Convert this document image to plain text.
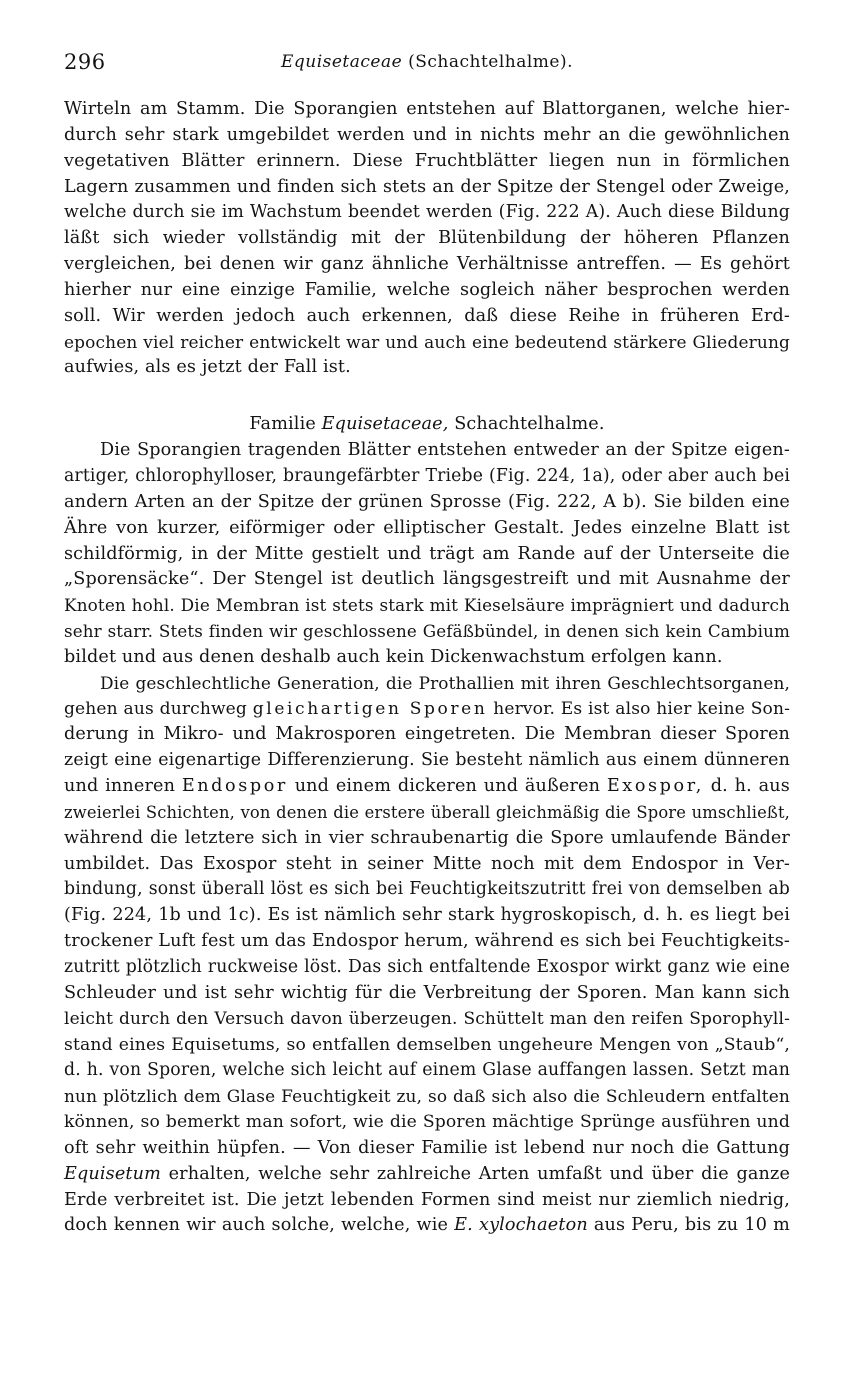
296	Equisetaceae (Schachtelhalme).

Wirteln am Stamm. Die Sporangien entstehen auf Blattorganen, welche hier-
durch sehr stark umgebildet werden und in nichts mehr an die gewöhnlichen
vegetativen Blätter erinnern. Diese Fruchtblätter liegen nun in förmlichen
Lagern zusammen und finden sich stets an der Spitze der Stengel oder Zweige,
welche durch sie im Wachstum beendet werden (Fig. 222 A). Auch diese Bildung
läßt sich wieder vollständig mit der Blütenbildung der höheren Pflanzen
vergleichen, bei denen wir ganz ähnliche Verhältnisse antreffen. — Es gehört
hierher nur eine einzige Familie, welche sogleich näher besprochen werden
soll. Wir werden jedoch auch erkennen, daß diese Reihe in früheren Erd-
epochen viel reicher entwickelt war und auch eine bedeutend stärkere Gliederung
aufwies, als es jetzt der Fall ist.

Familie Equisetaceae, Schachtelhalme.

Die Sporangien tragenden Blätter entstehen entweder an der Spitze eigen-
artiger, chlorophylloser, braungefärbter Triebe (Fig. 224, 1a), oder aber auch bei
andern Arten an der Spitze der grünen Sprosse (Fig. 222, A b). Sie bilden eine
Ähre von kurzer, eiförmiger oder elliptischer Gestalt. Jedes einzelne Blatt ist
schildförmig, in der Mitte gestielt und trägt am Rande auf der Unterseite die
„Sporensäcke“. Der Stengel ist deutlich längsgestreift und mit Ausnahme der
Knoten hohl. Die Membran ist stets stark mit Kieselsäure imprägniert und dadurch
sehr starr. Stets finden wir geschlossene Gefäßbündel, in denen sich kein Cambium
bildet und aus denen deshalb auch kein Dickenwachstum erfolgen kann.

Die geschlechtliche Generation, die Prothallien mit ihren Geschlechtsorganen,
gehen aus durchweg gleichartigen Sporen hervor. Es ist also hier keine Son-
derung in Mikro- und Makrosporen eingetreten. Die Membran dieser Sporen
zeigt eine eigenartige Differenzierung. Sie besteht nämlich aus einem dünneren
und inneren Endospor und einem dickeren und äußeren Exospor, d. h. aus
zweierlei Schichten, von denen die erstere überall gleichmäßig die Spore umschließt,
während die letztere sich in vier schraubenartig die Spore umlaufende Bänder
umbildet. Das Exospor steht in seiner Mitte noch mit dem Endospor in Ver-
bindung, sonst überall löst es sich bei Feuchtigkeitszutritt frei von demselben ab
(Fig. 224, 1b und 1c). Es ist nämlich sehr stark hygroskopisch, d. h. es liegt bei
trockener Luft fest um das Endospor herum, während es sich bei Feuchtigkeits-
zutritt plötzlich ruckweise löst. Das sich entfaltende Exospor wirkt ganz wie eine
Schleuder und ist sehr wichtig für die Verbreitung der Sporen. Man kann sich
leicht durch den Versuch davon überzeugen. Schüttelt man den reifen Sporophyll-
stand eines Equisetums, so entfallen demselben ungeheure Mengen von „Staub“,
d. h. von Sporen, welche sich leicht auf einem Glase auffangen lassen. Setzt man
nun plötzlich dem Glase Feuchtigkeit zu, so daß sich also die Schleudern entfalten
können, so bemerkt man sofort, wie die Sporen mächtige Sprünge ausführen und
oft sehr weithin hüpfen. — Von dieser Familie ist lebend nur noch die Gattung
Equisetum erhalten, welche sehr zahlreiche Arten umfaßt und über die ganze
Erde verbreitet ist. Die jetzt lebenden Formen sind meist nur ziemlich niedrig,
doch kennen wir auch solche, welche, wie E. xylochaeton aus Peru, bis zu 10 m
